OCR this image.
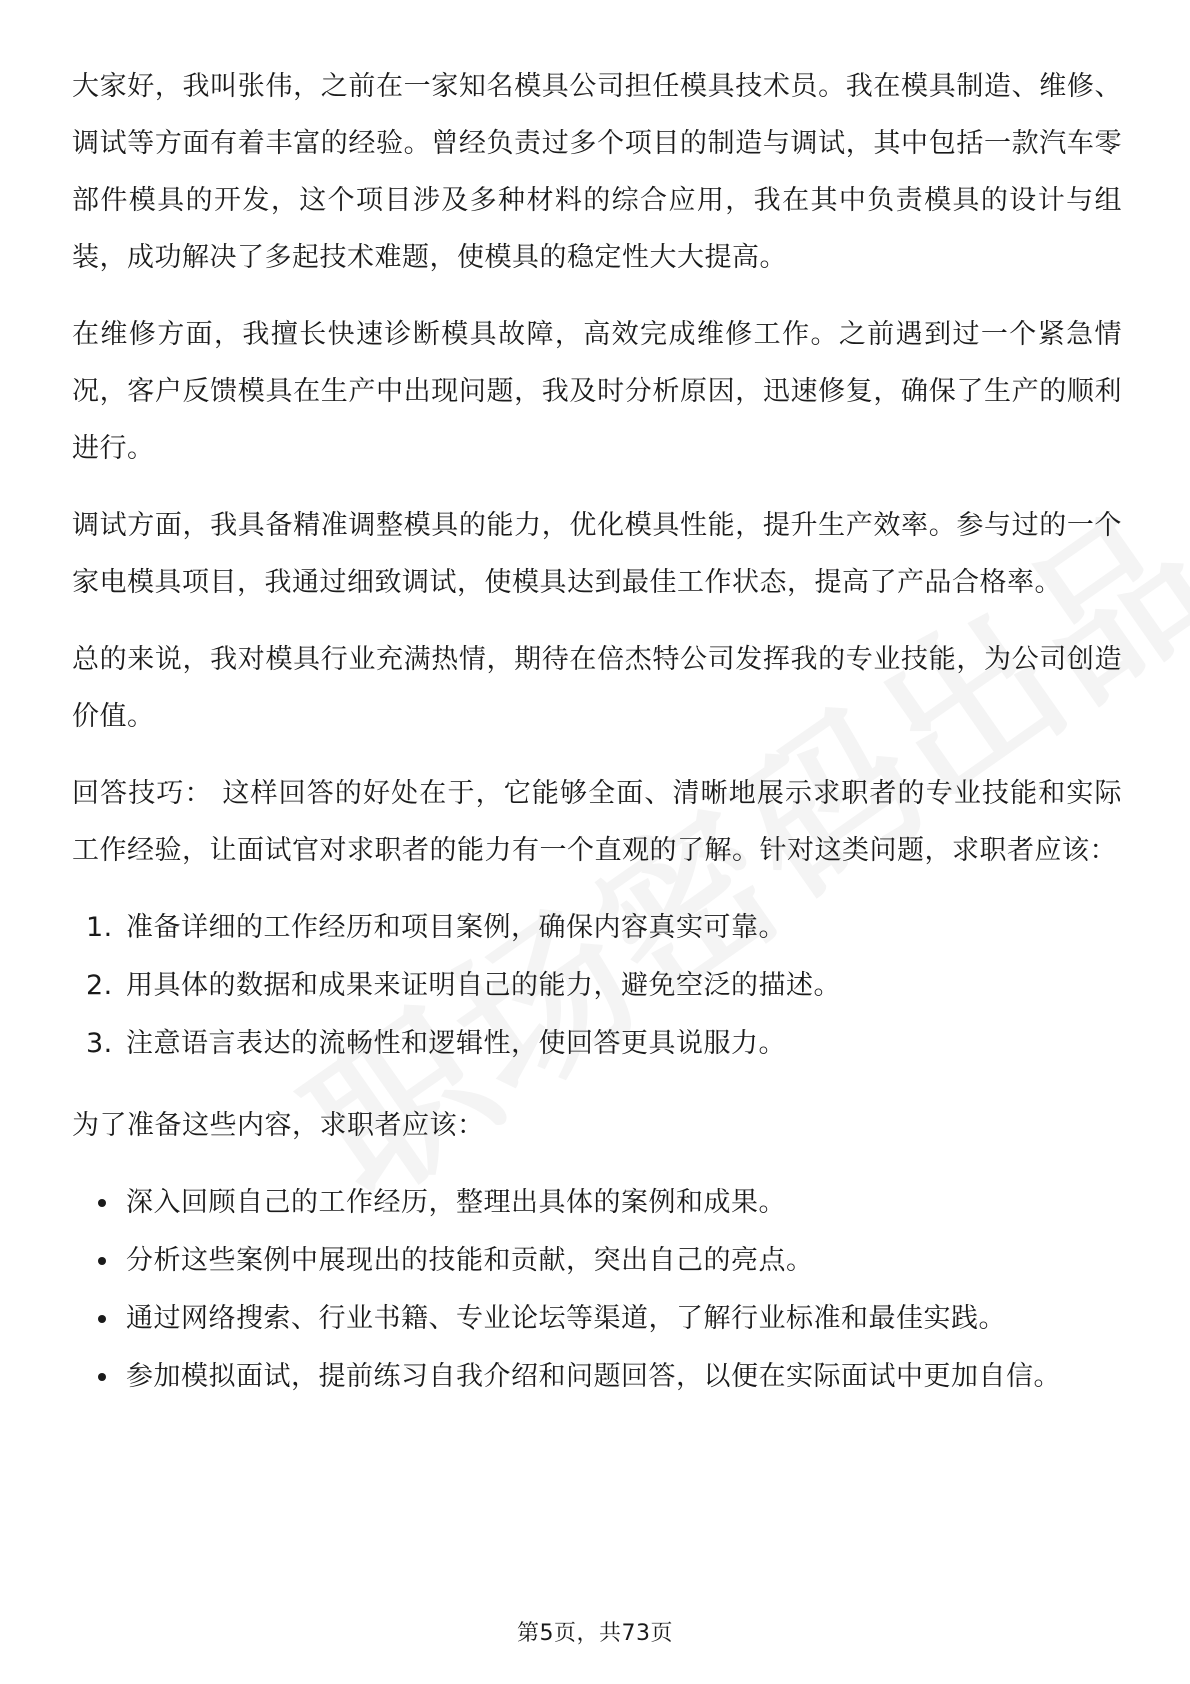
大家好，我叫张伟，之前在一家知名模具公司担任模具技术员。我在模具制造、维修、调试等方面有着丰富的经验。曾经负责过多个项目的制造与调试，其中包括一款汽车零部件模具的开发，这个项目涉及多种材料的综合应用，我在其中负责模具的设计与组装，成功解决了多起技术难题，使模具的稳定性大大提高。

在维修方面，我擅长快速诊断模具故障，高效完成维修工作。之前遇到过一个紧急情况，客户反馈模具在生产中出现问题，我及时分析原因，迅速修复，确保了生产的顺利进行。

调试方面，我具备精准调整模具的能力，优化模具性能，提升生产效率。参与过的一个家电模具项目，我通过细致调试，使模具达到最佳工作状态，提高了产品合格率。

总的来说，我对模具行业充满热情，期待在倍杰特公司发挥我的专业技能，为公司创造价值。

回答技巧： 这样回答的好处在于，它能够全面、清晰地展示求职者的专业技能和实际工作经验，让面试官对求职者的能力有一个直观的了解。针对这类问题，求职者应该：

1. 准备详细的工作经历和项目案例，确保内容真实可靠。
2. 用具体的数据和成果来证明自己的能力，避免空泛的描述。
3. 注意语言表达的流畅性和逻辑性，使回答更具说服力。

为了准备这些内容，求职者应该：

深入回顾自己的工作经历，整理出具体的案例和成果。
分析这些案例中展现出的技能和贡献，突出自己的亮点。
通过网络搜索、行业书籍、专业论坛等渠道，了解行业标准和最佳实践。
参加模拟面试，提前练习自我介绍和问题回答，以便在实际面试中更加自信。
第5页，共73页
